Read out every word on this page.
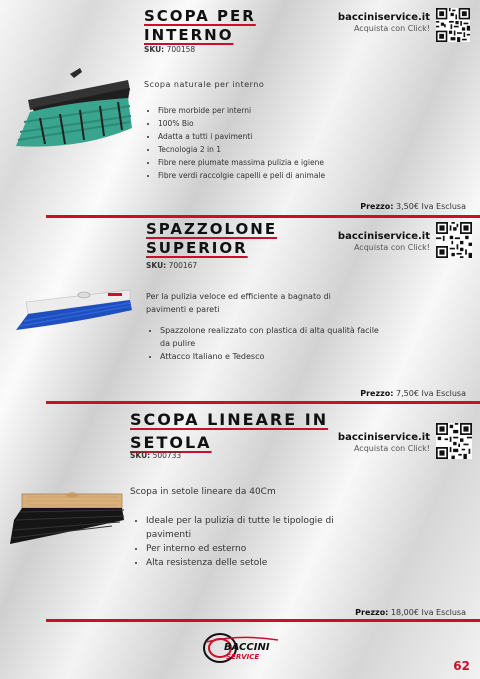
SCOPA PER
INTERNO
SKU: 700158
bacciniservice.it
Acquista con Click!

Scopa naturale per interno

• Fibre morbide per interni
• 100% Bio
• Adatta a tutti i pavimenti
• Tecnologia 2 in 1
• Fibre nere piumate massima pulizia e igiene
• Fibre verdi raccolgie capelli e peli di animale
Prezzo: 3,50€ Iva Esclusa
SPAZZOLONE
SUPERIOR
SKU: 700167
bacciniservice.it
Acquista con Click!

Per la pulizia veloce ed efficiente a bagnato di pavimenti e pareti

• Spazzolone realizzato con plastica di alta qualità facile da pulire
• Attacco Italiano e Tedesco
Prezzo: 7,50€ Iva Esclusa
SCOPA LINEARE IN
SETOLA
SKU: 500733
bacciniservice.it
Acquista con Click!

Scopa in setole lineare da 40Cm

• Ideale per la pulizia di tutte le tipologie di pavimenti
• Per interno ed esterno
• Alta resistenza delle setole
Prezzo: 18,00€ Iva Esclusa
BACCINI
SERVICE
62
